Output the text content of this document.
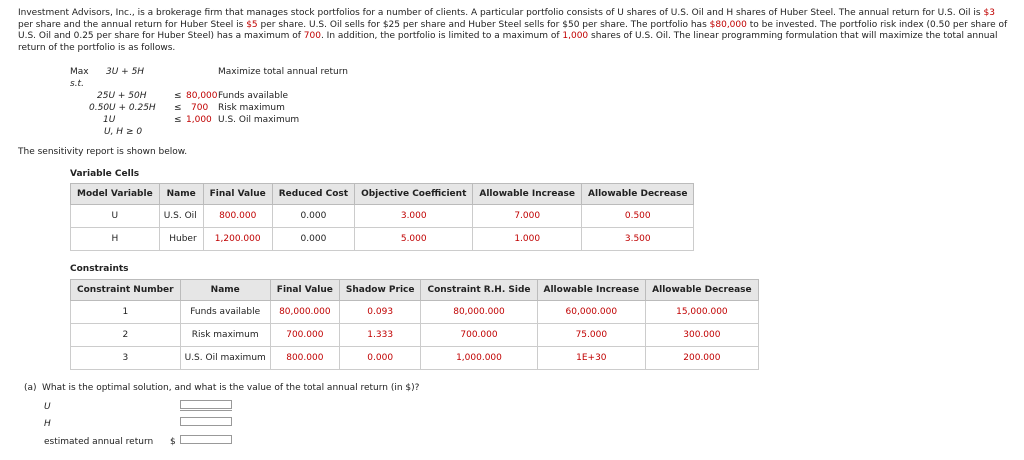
Investment Advisors, Inc., is a brokerage firm that manages stock portfolios for a number of clients. A particular portfolio consists of U shares of U.S. Oil and H shares of Huber Steel. The annual return for U.S. Oil is $3 per share and the annual return for Huber Steel is $5 per share. U.S. Oil sells for $25 per share and Huber Steel sells for $50 per share. The portfolio has $80,000 to be invested. The portfolio risk index (0.50 per share of U.S. Oil and 0.25 per share for Huber Steel) has a maximum of 700. In addition, the portfolio is limited to a maximum of 1,000 shares of U.S. Oil. The linear programming formulation that will maximize the total annual return of the portfolio is as follows.
Max 3U + 5H	Maximize total annual return
s.t.
25U + 50H	≤ 80,000 Funds available
0.50U + 0.25H ≤ 700 Risk maximum
1U	≤ 1,000 U.S. Oil maximum
U, H ≥ 0
The sensitivity report is shown below.
Variable Cells
Model Variable	Name	Final Value	Reduced Cost	Objective Coefficient	Allowable Increase	Allowable Decrease
U	U.S. Oil	800.000	0.000	3.000	7.000	0.500
H	Huber	1,200.000	0.000	5.000	1.000	3.500
Constraints
Constraint Number	Name	Final Value	Shadow Price	Constraint R.H. Side	Allowable Increase	Allowable Decrease
1	Funds available	80,000.000	0.093	80,000.000	60,000.000	15,000.000
2	Risk maximum	700.000	1.333	700.000	75.000	300.000
3	U.S. Oil maximum	800.000	0.000	1,000.000	1E+30	200.000
(a) What is the optimal solution, and what is the value of the total annual return (in $)?
U
H
estimated annual return $
